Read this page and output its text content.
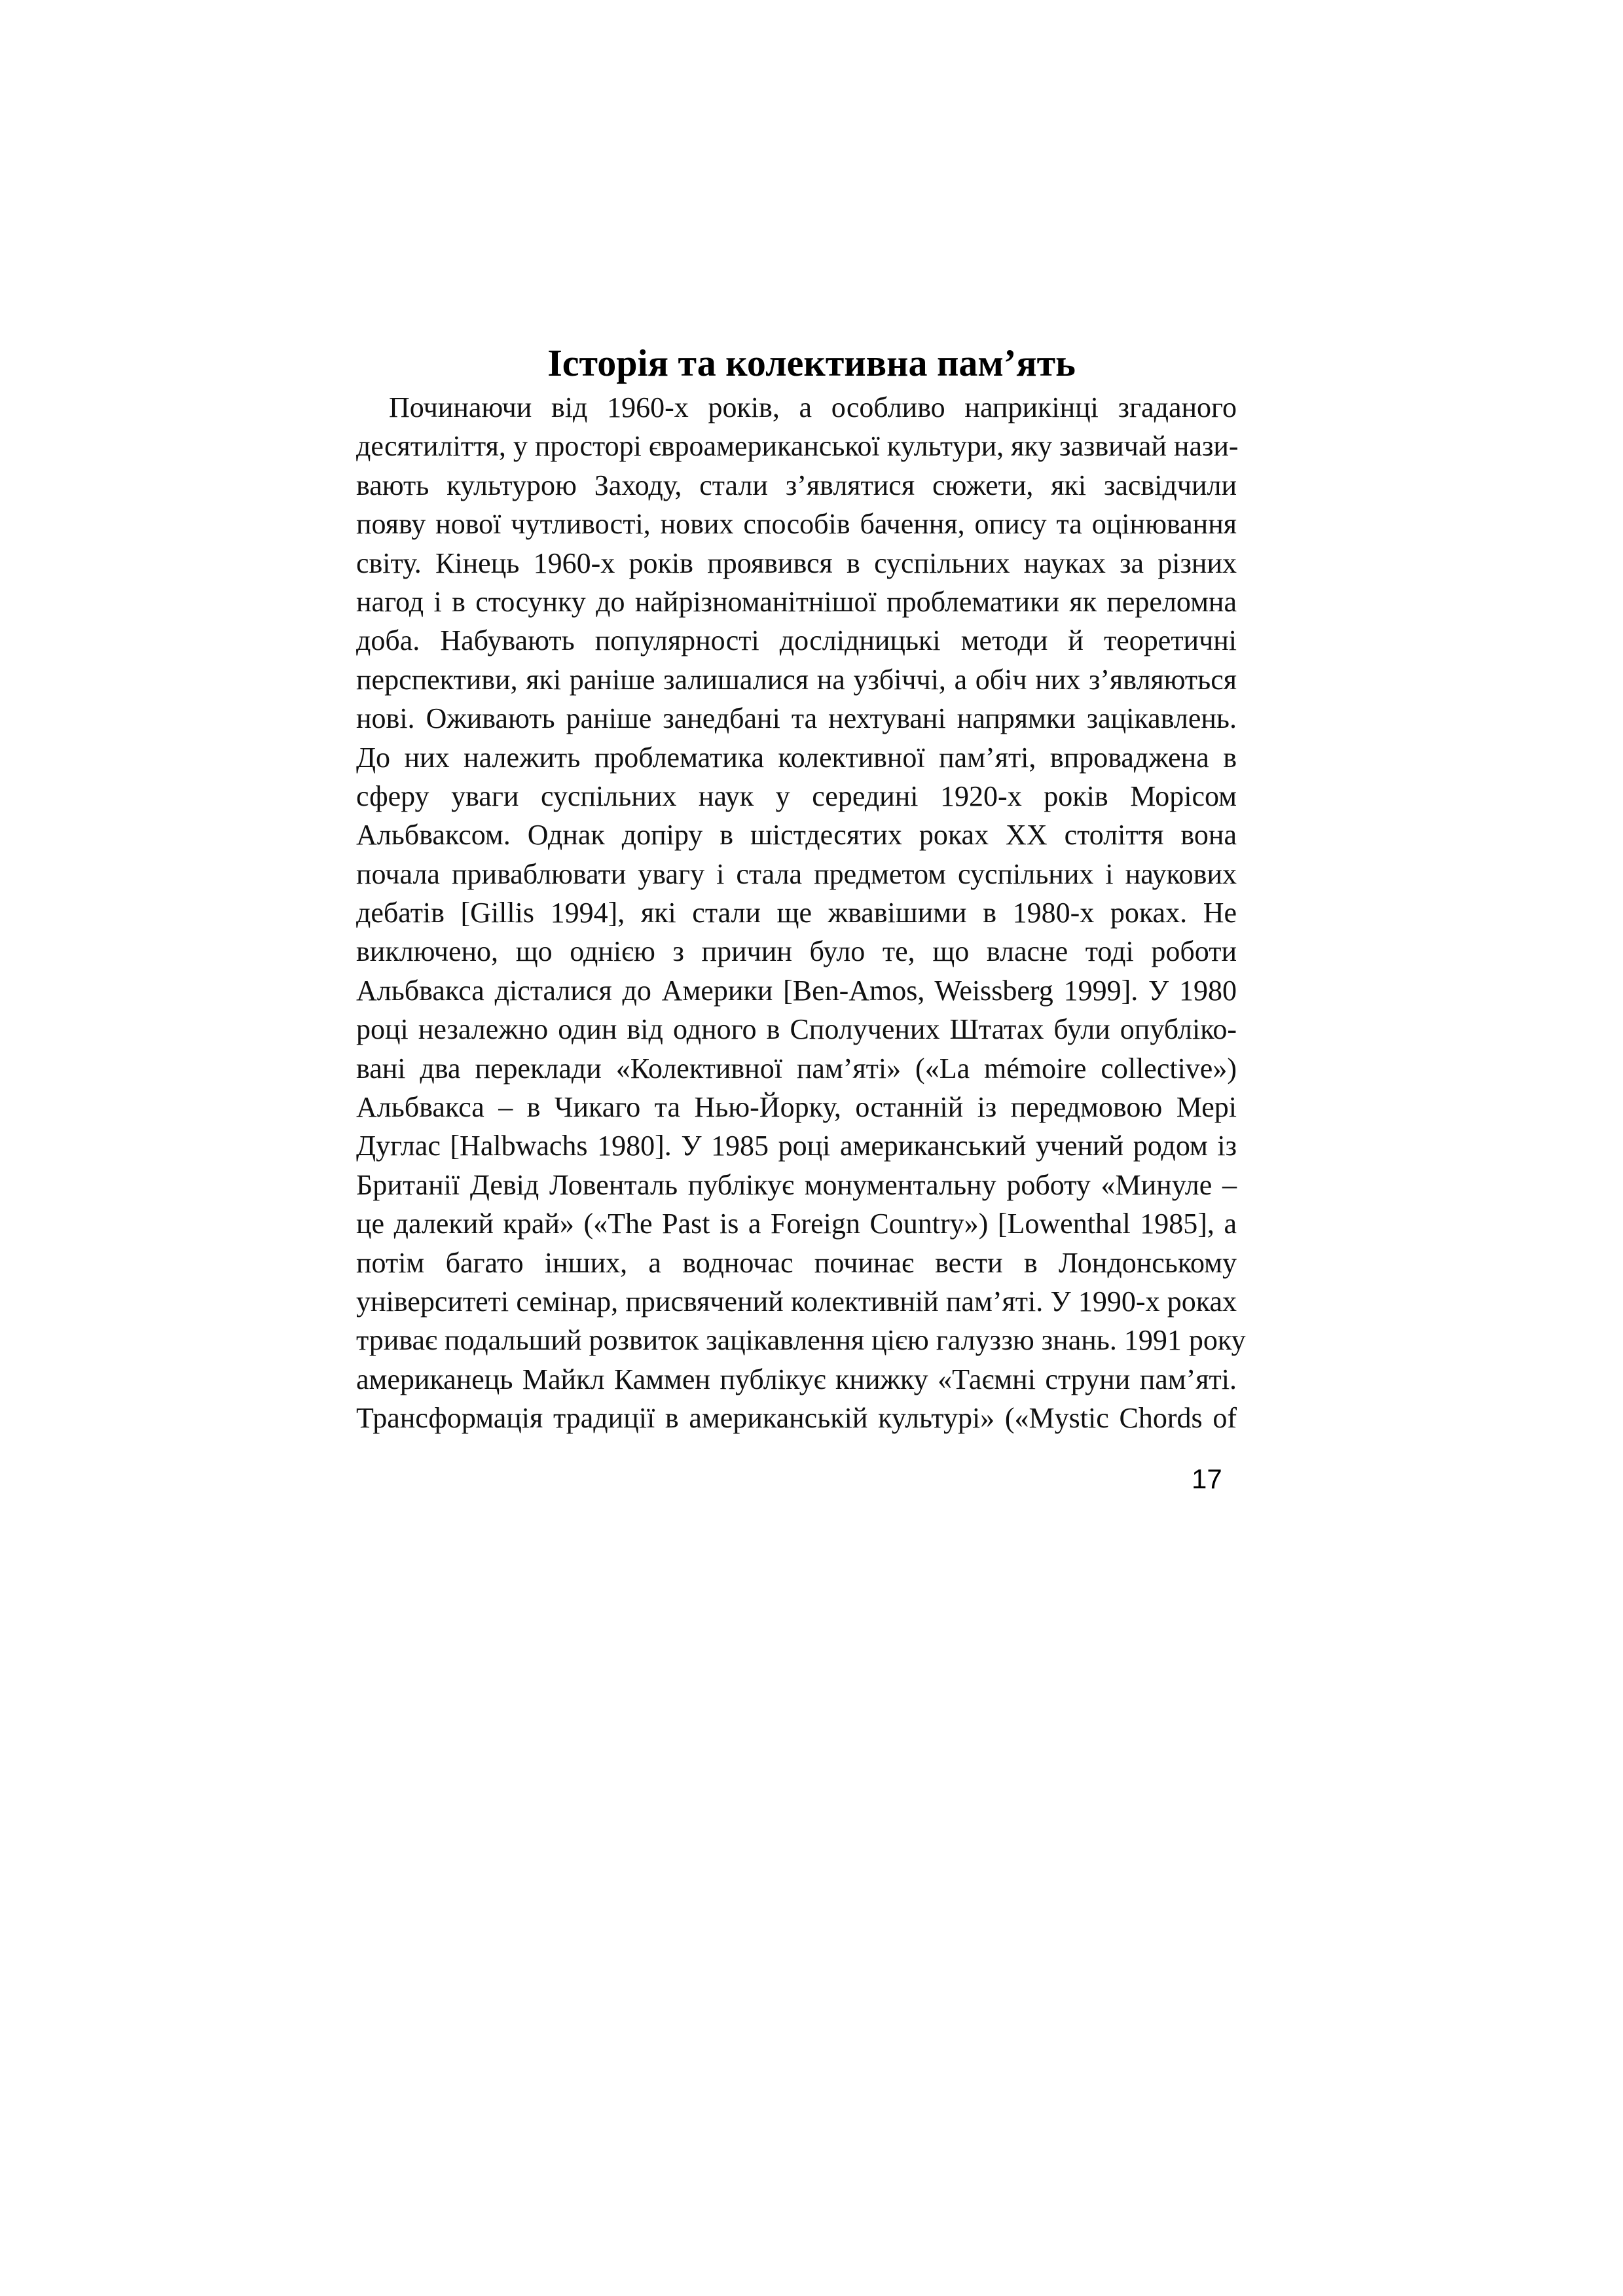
Історія та колективна пам’ять
Починаючи від 1960-х років, а особливо наприкінці згаданого
десятиліття, у просторі євроамериканської культури, яку зазвичай нази-
вають культурою Заходу, стали з’являтися сюжети, які засвідчили
появу нової чутливості, нових способів бачення, опису та оцінювання
світу. Кінець 1960-х років проявився в суспільних науках за різних
нагод і в стосунку до найрізноманітнішої проблематики як переломна
доба. Набувають популярності дослідницькі методи й теоретичні
перспективи, які раніше залишалися на узбіччі, а обіч них з’являються
нові. Оживають раніше занедбані та нехтувані напрямки зацікавлень.
До них належить проблематика колективної пам’яті, впроваджена в
сферу уваги суспільних наук у середині 1920-х років Морісом
Альбваксом. Однак допіру в шістдесятих роках ХХ століття вона
почала приваблювати увагу і стала предметом суспільних і наукових
дебатів [Gillis 1994], які стали ще жвавішими в 1980-х роках. Не
виключено, що однією з причин було те, що власне тоді роботи
Альбвакса дісталися до Америки [Ben-Amos, Weissberg 1999]. У 1980
році незалежно один від одного в Сполучених Штатах були опубліко-
вані два переклади «Колективної пам’яті» («La mémoire collective»)
Альбвакса – в Чикаго та Нью-Йорку, останній із передмовою Мері
Дуглас [Halbwachs 1980]. У 1985 році американський учений родом із
Британії Девід Ловенталь публікує монументальну роботу «Минуле –
це далекий край» («The Past is a Foreign Country») [Lowenthal 1985], а
потім багато інших, а водночас починає вести в Лондонському
університеті семінар, присвячений колективній пам’яті. У 1990-х роках
триває подальший розвиток зацікавлення цією галуззю знань. 1991 року
американець Майкл Каммен публікує книжку «Таємні струни пам’яті.
Трансформація традиції в американській культурі» («Mystic Chords of
17
